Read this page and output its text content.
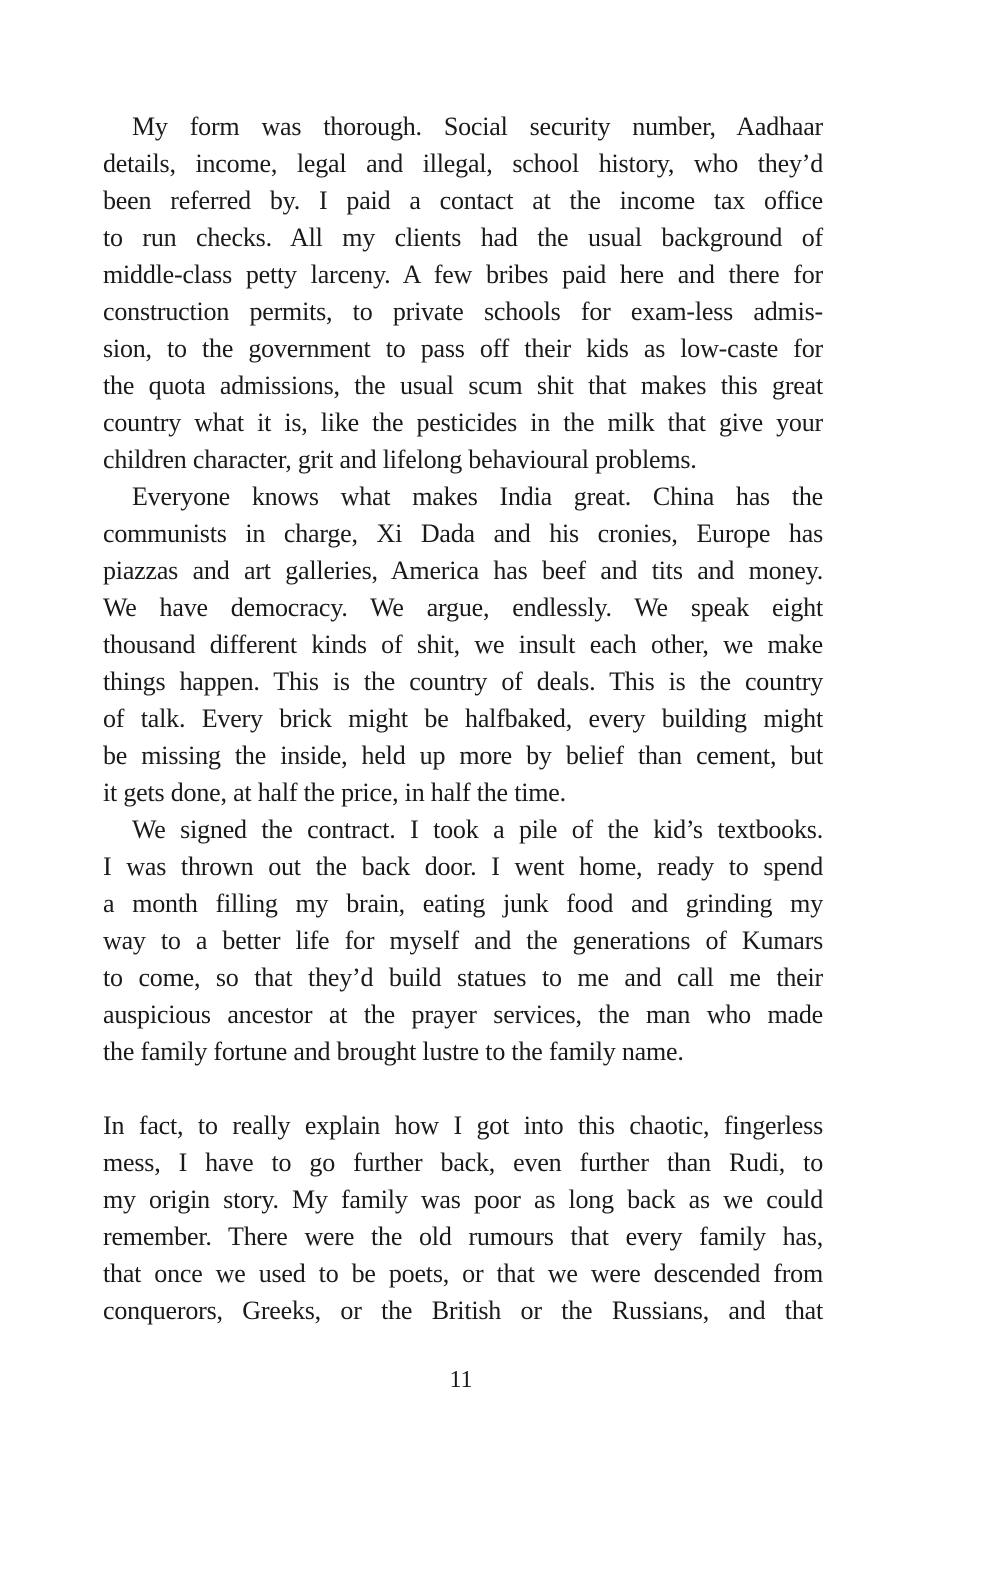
My form was thorough. Social security number, Aadhaar
details, income, legal and illegal, school history, who they’d
been referred by. I paid a contact at the income tax office
to run checks. All my clients had the usual background of
middle-class petty larceny. A few bribes paid here and there for
construction permits, to private schools for exam-less admis-
sion, to the government to pass off their kids as low-caste for
the quota admissions, the usual scum shit that makes this great
country what it is, like the pesticides in the milk that give your
children character, grit and lifelong behavioural problems.

Everyone knows what makes India great. China has the
communists in charge, Xi Dada and his cronies, Europe has
piazzas and art galleries, America has beef and tits and money.
We have democracy. We argue, endlessly. We speak eight
thousand different kinds of shit, we insult each other, we make
things happen. This is the country of deals. This is the country
of talk. Every brick might be halfbaked, every building might
be missing the inside, held up more by belief than cement, but
it gets done, at half the price, in half the time.

We signed the contract. I took a pile of the kid’s textbooks.
I was thrown out the back door. I went home, ready to spend
a month filling my brain, eating junk food and grinding my
way to a better life for myself and the generations of Kumars
to come, so that they’d build statues to me and call me their
auspicious ancestor at the prayer services, the man who made
the family fortune and brought lustre to the family name.

In fact, to really explain how I got into this chaotic, fingerless
mess, I have to go further back, even further than Rudi, to
my origin story. My family was poor as long back as we could
remember. There were the old rumours that every family has,
that once we used to be poets, or that we were descended from
conquerors, Greeks, or the British or the Russians, and that

11
